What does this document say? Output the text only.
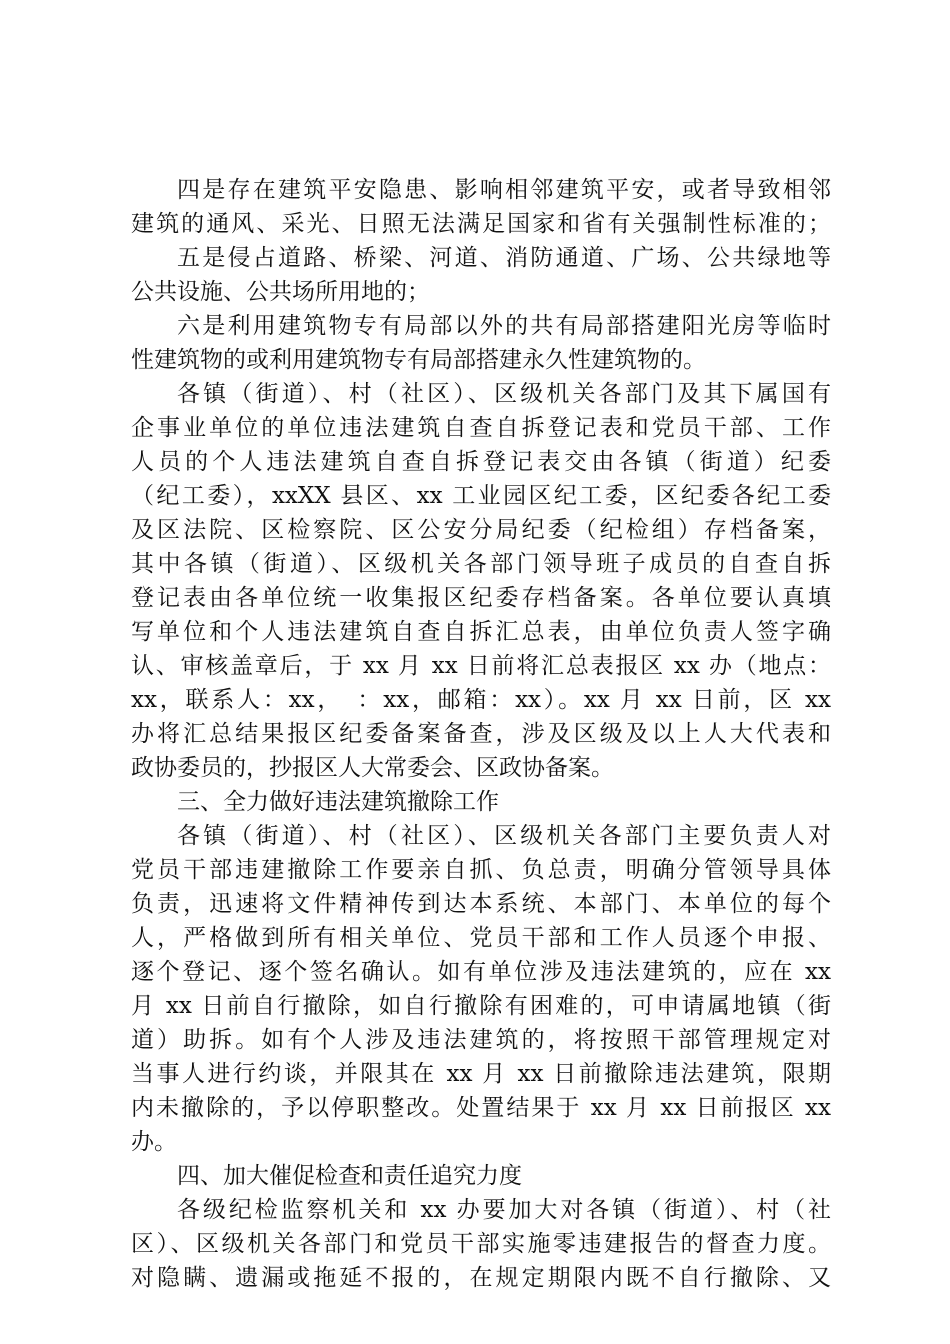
四是存在建筑平安隐患、影响相邻建筑平安，或者导致相邻
建筑的通风、采光、日照无法满足国家和省有关强制性标准的；
五是侵占道路、桥梁、河道、消防通道、广场、公共绿地等
公共设施、公共场所用地的；
六是利用建筑物专有局部以外的共有局部搭建阳光房等临时
性建筑物的或利用建筑物专有局部搭建永久性建筑物的。
各镇（街道）、村（社区）、区级机关各部门及其下属国有
企事业单位的单位违法建筑自查自拆登记表和党员干部、工作
人员的个人违法建筑自查自拆登记表交由各镇（街道）纪委
（纪工委），xxXX 县区、xx 工业园区纪工委，区纪委各纪工委
及区法院、区检察院、区公安分局纪委（纪检组）存档备案，
其中各镇（街道）、区级机关各部门领导班子成员的自查自拆
登记表由各单位统一收集报区纪委存档备案。各单位要认真填
写单位和个人违法建筑自查自拆汇总表，由单位负责人签字确
认、审核盖章后，于 xx 月 xx 日前将汇总表报区 xx 办（地点：
xx，联系人：xx，　：xx，邮箱：xx）。xx 月 xx 日前，区 xx
办将汇总结果报区纪委备案备查，涉及区级及以上人大代表和
政协委员的，抄报区人大常委会、区政协备案。
三、全力做好违法建筑撤除工作
各镇（街道）、村（社区）、区级机关各部门主要负责人对
党员干部违建撤除工作要亲自抓、负总责，明确分管领导具体
负责，迅速将文件精神传到达本系统、本部门、本单位的每个
人，严格做到所有相关单位、党员干部和工作人员逐个申报、
逐个登记、逐个签名确认。如有单位涉及违法建筑的，应在 xx
月 xx 日前自行撤除，如自行撤除有困难的，可申请属地镇（街
道）助拆。如有个人涉及违法建筑的，将按照干部管理规定对
当事人进行约谈，并限其在 xx 月 xx 日前撤除违法建筑，限期
内未撤除的，予以停职整改。处置结果于 xx 月 xx 日前报区 xx
办。
四、加大催促检查和责任追究力度
各级纪检监察机关和 xx 办要加大对各镇（街道）、村（社
区）、区级机关各部门和党员干部实施零违建报告的督查力度。
对隐瞒、遗漏或拖延不报的，在规定期限内既不自行撤除、又
